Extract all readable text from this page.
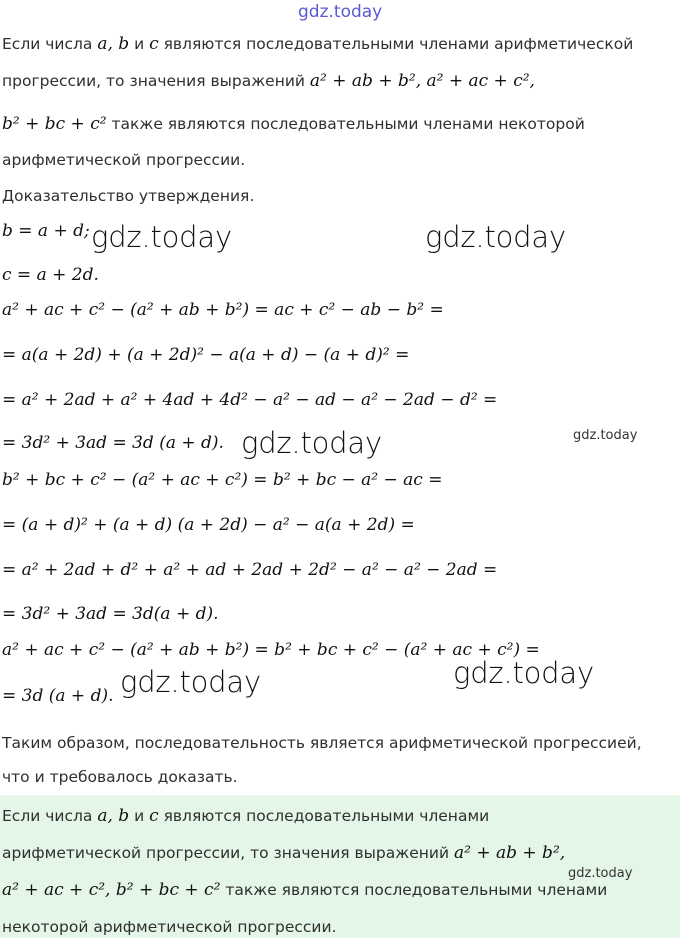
gdz.today
Если числа a, b и c являются последовательными членами арифметической
прогрессии, то значения выражений a² + ab + b², a² + ac + c²,
b² + bc + c² также являются последовательными членами некоторой
арифметической прогрессии.
Доказательство утверждения.
b = a + d; gdz.today	gdz.today
c = a + 2d.
a² + ac + c² − (a² + ab + b²) = ac + c² − ab − b² =
= a(a + 2d) + (a + 2d)² − a(a + d) − (a + d)² =
= a² + 2ad + a² + 4ad + 4d² − a² − ad − a² − 2ad − d² =
= 3d² + 3ad = 3d (a + d). gdz.today	gdz.today
b² + bc + c² − (a² + ac + c²) = b² + bc − a² − ac =
= (a + d)² + (a + d) (a + 2d) − a² − a(a + 2d) =
= a² + 2ad + d² + a² + ad + 2ad + 2d² − a² − a² − 2ad =
= 3d² + 3ad = 3d(a + d).
a² + ac + c² − (a² + ab + b²) = b² + bc + c² − (a² + ac + c²) =
= 3d (a + d). gdz.today	gdz.today
Таким образом, последовательность является арифметической прогрессией,
что и требовалось доказать.
Если числа a, b и c являются последовательными членами
арифметической прогрессии, то значения выражений a² + ab + b²,
gdz.today
a² + ac + c², b² + bc + c² также являются последовательными членами
некоторой арифметической прогрессии.
